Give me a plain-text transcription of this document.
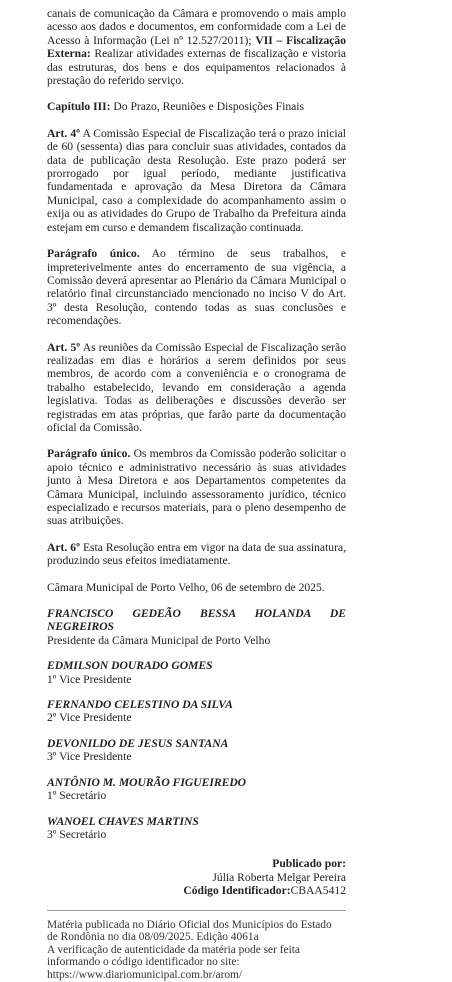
canais de comunicação da Câmara e promovendo o mais amplo acesso aos dados e documentos, em conformidade com a Lei de Acesso à Informação (Lei nº 12.527/2011); VII – Fiscalização Externa: Realizar atividades externas de fiscalização e vistoria das estruturas, dos bens e dos equipamentos relacionados à prestação do referido serviço.

Capítulo III: Do Prazo, Reuniões e Disposições Finais

Art. 4º A Comissão Especial de Fiscalização terá o prazo inicial de 60 (sessenta) dias para concluir suas atividades, contados da data de publicação desta Resolução. Este prazo poderá ser prorrogado por igual período, mediante justificativa fundamentada e aprovação da Mesa Diretora da Câmara Municipal, caso a complexidade do acompanhamento assim o exija ou as atividades do Grupo de Trabalho da Prefeitura ainda estejam em curso e demandem fiscalização continuada.

Parágrafo único. Ao término de seus trabalhos, e impreterivelmente antes do encerramento de sua vigência, a Comissão deverá apresentar ao Plenário da Câmara Municipal o relatório final circunstanciado mencionado no inciso V do Art. 3º desta Resolução, contendo todas as suas conclusões e recomendações.

Art. 5º As reuniões da Comissão Especial de Fiscalização serão realizadas em dias e horários a serem definidos por seus membros, de acordo com a conveniência e o cronograma de trabalho estabelecido, levando em consideração a agenda legislativa. Todas as deliberações e discussões deverão ser registradas em atas próprias, que farão parte da documentação oficial da Comissão.

Parágrafo único. Os membros da Comissão poderão solicitar o apoio técnico e administrativo necessário às suas atividades junto à Mesa Diretora e aos Departamentos competentes da Câmara Municipal, incluindo assessoramento jurídico, técnico especializado e recursos materiais, para o pleno desempenho de suas atribuições.

Art. 6º Esta Resolução entra em vigor na data de sua assinatura, produzindo seus efeitos imediatamente.

Câmara Municipal de Porto Velho, 06 de setembro de 2025.

FRANCISCO GEDEÃO BESSA HOLANDA DE
NEGREIROS
Presidente da Câmara Municipal de Porto Velho
EDMILSON DOURADO GOMES
1º Vice Presidente
FERNANDO CELESTINO DA SILVA
2º Vice Presidente
DEVONILDO DE JESUS SANTANA
3º Vice Presidente
ANTÔNIO M. MOURÃO FIGUEIREDO
1º Secretário
WANOEL CHAVES MARTINS
3º Secretário
Publicado por:
Júlia Roberta Melgar Pereira
Código Identificador:CBAA5412
Matéria publicada no Diário Oficial dos Municípios do Estado
de Rondônia no dia 08/09/2025. Edição 4061a
A verificação de autenticidade da matéria pode ser feita
informando o código identificador no site:
https://www.diariomunicipal.com.br/arom/
